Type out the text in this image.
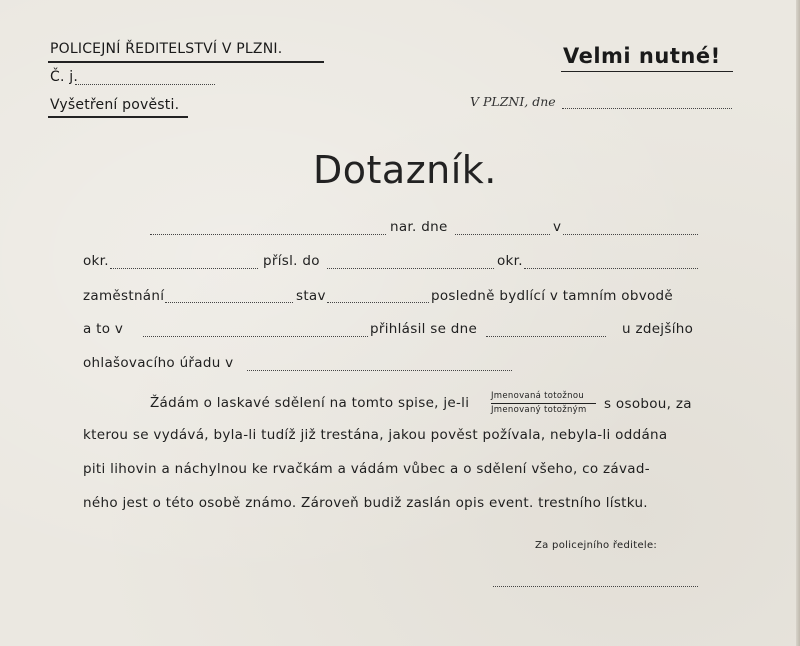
POLICEJNÍ ŘEDITELSTVÍ V PLZNI.
Č. j.
Vyšetření pověsti.
Velmi nutné!
V PLZNI, dne
Dotazník.
nar. dne	v
okr.	přísl. do	okr.
zaměstnání	stav	posledně bydlící v tamním obvodě
a to v	přihlásil se dne	u zdejšího
ohlašovacího úřadu v
Žádám o laskavé sdělení na tomto spise, je-li	Jmenovaná totožnou
Jmenovaný totožným s osobou, za
kterou se vydává, byla-li tudíž již trestána, jakou pověst požívala, nebyla-li oddána
piti lihovin a náchylnou ke rvačkám a vádám vůbec a o sdělení všeho, co závad-
ného jest o této osobě známo. Zároveň budiž zaslán opis event. trestního lístku.
Za policejního ředitele:
